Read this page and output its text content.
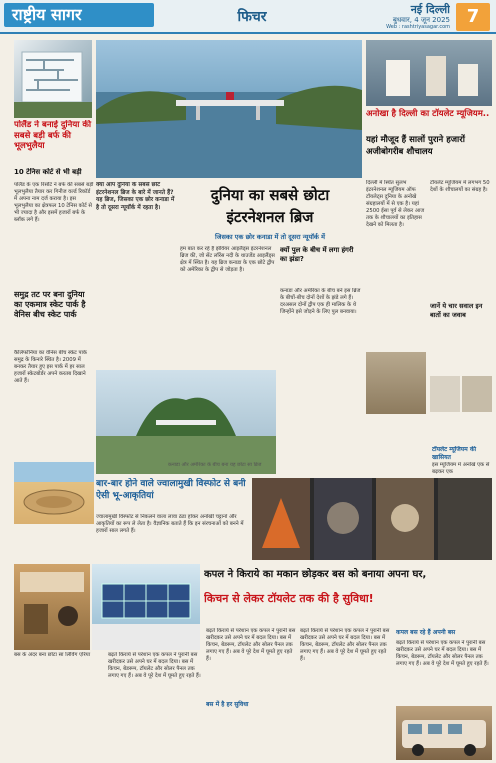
राष्ट्रीय सागर	फिचर	नई दिल्ली
बुधवार, 4 जून 2025
Web : rashtriyasagar.com 7
पोलैंड ने बनाई दुनिया की सबसे बड़ी बर्फ की भूलभुलैया
10 टेनिस कोर्ट से भी बड़ी
पोलैंड के एक रिसॉर्ट ने बर्फ की सबसे बड़ी भूलभुलैया तैयार कर गिनीज वर्ल्ड रिकॉर्ड में अपना नाम दर्ज कराया है। इस भूलभुलैया का क्षेत्रफल 10 टेनिस कोर्ट से भी ज्यादा है और इसमें हजारों बर्फ के ब्लॉक लगे हैं।
समुद्र तट पर बना दुनिया का एकमात्र स्केट पार्क है वेनिस बीच स्केट पार्क
कैलिफोर्निया का वेनिस बीच स्केट पार्क समुद्र के किनारे स्थित है। 2009 में बनकर तैयार हुए इस पार्क में हर साल हजारों स्केटबोर्डर अपने करतब दिखाने आते हैं।
क्या आप दुनिया के सबसे छोटे इंटरनेशनल ब्रिज के बारे में जानते हैं? यह ब्रिज, जिसका एक छोर कनाडा में है तो दूसरा न्यूयॉर्क में रहता है।
दुनिया का सबसे छोटा इंटरनेशनल ब्रिज
जिसका एक छोर कनाडा में तो दूसरा न्यूयॉर्क में
हम बात कर रहे हैं झेवियर आइलैंड्स इंटरनेशनल ब्रिज की, जो सेंट लॉरेंस नदी के थाउजेंड आइलैंड्स क्षेत्र में स्थित है। यह ब्रिज कनाडा के एक छोटे द्वीप को अमेरिका के द्वीप से जोड़ता है।
क्यों पुल के बीच में लगा हंगरी का झंडा?
कनाडा और अमेरिका के बीच बने इस ब्रिज के बीचों-बीच दोनों देशों के झंडे लगे हैं। दरअसल दोनों द्वीप एक ही मालिक के थे जिन्होंने इसे जोड़ने के लिए पुल बनवाया।
कनाडा और अमेरिका के बीच बना यह छोटा सा ब्रिज
अनोखा है दिल्ली का टॉयलेट म्यूजियम..
यहां मौजूद हैं सालों पुराने हजारों अजीबोगरीब शौचालय
दिल्ली में स्थित सुलभ इंटरनेशनल म्यूजियम ऑफ टॉयलेट्स दुनिया के अनोखे संग्रहालयों में से एक है। यहां 2500 ईसा पूर्व से लेकर आज तक के शौचालयों का इतिहास देखने को मिलता है।
टॉयलेट म्यूजियम में लगभग 50 देशों के शौचालयों का संग्रह है।
जानें ये चार सवाल इन बातों का जवाब
टॉयलेट म्यूजियम की खासियत
इस म्यूजियम में अनोखे एक से बढ़कर एक
बार-बार होने वाले ज्वालामुखी विस्फोट से बनी ऐसी भू-आकृतियां
ज्वालामुखी विस्फोट से निकलने वाला लावा ठंडा होकर अनोखी चट्टानों और आकृतियों का रूप ले लेता है। वैज्ञानिक बताते हैं कि इन संरचनाओं को बनने में हजारों साल लगते हैं।
कपल ने किराये का मकान छोड़कर बस को बनाया अपना घर,
किचन से लेकर टॉयलेट तक की है सुविधा!
बस के अंदर बना छोटा सा लिविंग एरिया	बढ़ते किराये से परेशान एक कपल ने पुरानी बस खरीदकर उसे अपने घर में बदल दिया। बस में किचन, बेडरूम, टॉयलेट और सोलर पैनल तक लगाए गए हैं। अब वे पूरे देश में घूमते हुए रहते हैं।
बढ़ते किराये से परेशान एक कपल ने पुरानी बस खरीदकर उसे अपने घर में बदल दिया। बस में किचन, बेडरूम, टॉयलेट और सोलर पैनल तक लगाए गए हैं। अब वे पूरे देश में घूमते हुए रहते हैं।
बस में है हर सुविधा
बढ़ते किराये से परेशान एक कपल ने पुरानी बस खरीदकर उसे अपने घर में बदल दिया। बस में किचन, बेडरूम, टॉयलेट और सोलर पैनल तक लगाए गए हैं। अब वे पूरे देश में घूमते हुए रहते हैं।
कपल बस रहे हैं अपनी बस
बढ़ते किराये से परेशान एक कपल ने पुरानी बस खरीदकर उसे अपने घर में बदल दिया। बस में किचन, बेडरूम, टॉयलेट और सोलर पैनल तक लगाए गए हैं। अब वे पूरे देश में घूमते हुए रहते हैं।
